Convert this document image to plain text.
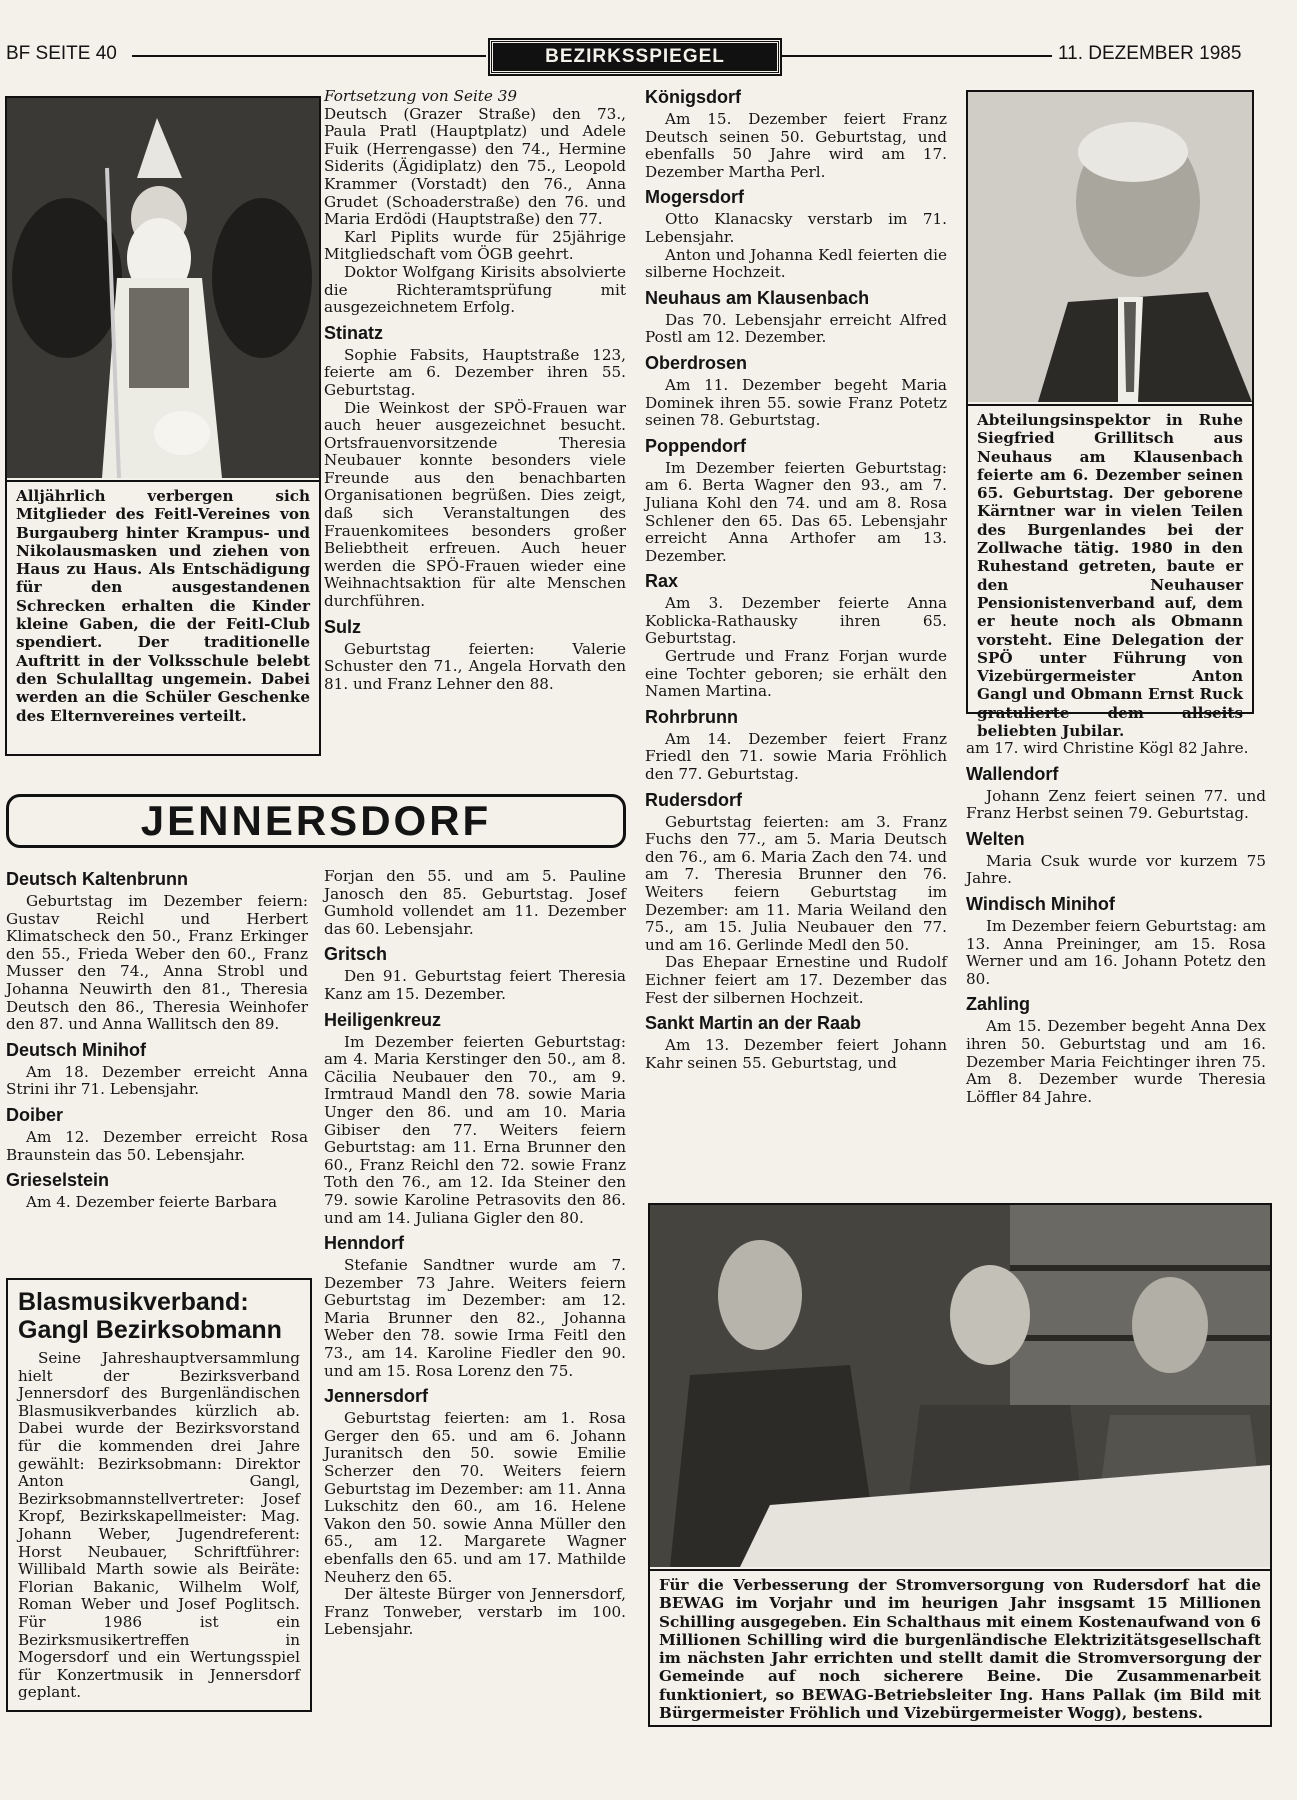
BF SEITE 40	BEZIRKSSPIEGEL	11. DEZEMBER 1985
Alljährlich verbergen sich Mitglieder des Feitl-Vereines von Burgauberg hinter Krampus- und Nikolausmasken und ziehen von Haus zu Haus. Als Entschädigung für den ausgestandenen Schrecken erhalten die Kinder kleine Gaben, die der Feitl-Club spendiert. Der traditionelle Auftritt in der Volksschule belebt den Schulalltag ungemein. Dabei werden an die Schüler Geschenke des Elternvereines verteilt.

Fortsetzung von Seite 39

Deutsch (Grazer Straße) den 73., Paula Pratl (Hauptplatz) und Adele Fuik (Herrengasse) den 74., Hermine Siderits (Ägidiplatz) den 75., Leopold Krammer (Vorstadt) den 76., Anna Grudet (Schoaderstraße) den 76. und Maria Erdödi (Hauptstraße) den 77.

Karl Piplits wurde für 25jährige Mitgliedschaft vom ÖGB geehrt.

Doktor Wolfgang Kirisits absolvierte die Richteramtsprüfung mit ausgezeichnetem Erfolg.

Stinatz

Sophie Fabsits, Hauptstraße 123, feierte am 6. Dezember ihren 55. Geburtstag.

Die Weinkost der SPÖ-Frauen war auch heuer ausgezeichnet besucht. Ortsfrauenvorsitzende Theresia Neubauer konnte besonders viele Freunde aus den benachbarten Organisationen begrüßen. Dies zeigt, daß sich Veranstaltungen des Frauenkomitees besonders großer Beliebtheit erfreuen. Auch heuer werden die SPÖ-Frauen wieder eine Weihnachtsaktion für alte Menschen durchführen.

Sulz

Geburtstag feierten: Valerie Schuster den 71., Angela Horvath den 81. und Franz Lehner den 88.

Königsdorf

Am 15. Dezember feiert Franz Deutsch seinen 50. Geburtstag, und ebenfalls 50 Jahre wird am 17. Dezember Martha Perl.

Mogersdorf

Otto Klanacsky verstarb im 71. Lebensjahr.

Anton und Johanna Kedl feierten die silberne Hochzeit.

Neuhaus am Klausenbach

Das 70. Lebensjahr erreicht Alfred Postl am 12. Dezember.

Oberdrosen

Am 11. Dezember begeht Maria Dominek ihren 55. sowie Franz Potetz seinen 78. Geburtstag.

Poppendorf

Im Dezember feierten Geburtstag: am 6. Berta Wagner den 93., am 7. Juliana Kohl den 74. und am 8. Rosa Schlener den 65. Das 65. Lebensjahr erreicht Anna Arthofer am 13. Dezember.

Rax

Am 3. Dezember feierte Anna Koblicka-Rathausky ihren 65. Geburtstag.

Gertrude und Franz Forjan wurde eine Tochter geboren; sie erhält den Namen Martina.

Rohrbrunn

Am 14. Dezember feiert Franz Friedl den 71. sowie Maria Fröhlich den 77. Geburtstag.

Rudersdorf

Geburtstag feierten: am 3. Franz Fuchs den 77., am 5. Maria Deutsch den 76., am 6. Maria Zach den 74. und am 7. Theresia Brunner den 76. Weiters feiern Geburtstag im Dezember: am 11. Maria Weiland den 75., am 15. Julia Neubauer den 77. und am 16. Gerlinde Medl den 50.

Das Ehepaar Ernestine und Rudolf Eichner feiert am 17. Dezember das Fest der silbernen Hochzeit.

Sankt Martin an der Raab

Am 13. Dezember feiert Johann Kahr seinen 55. Geburtstag, und

Abteilungsinspektor in Ruhe Siegfried Grillitsch aus Neuhaus am Klausenbach feierte am 6. Dezember seinen 65. Geburtstag. Der geborene Kärntner war in vielen Teilen des Burgenlandes bei der Zollwache tätig. 1980 in den Ruhestand getreten, baute er den Neuhauser Pensionistenverband auf, dem er heute noch als Obmann vorsteht. Eine Delegation der SPÖ unter Führung von Vizebürgermeister Anton Gangl und Obmann Ernst Ruck gratulierte dem allseits beliebten Jubilar.

am 17. wird Christine Kögl 82 Jahre.

Wallendorf

Johann Zenz feiert seinen 77. und Franz Herbst seinen 79. Geburtstag.

Welten

Maria Csuk wurde vor kurzem 75 Jahre.

Windisch Minihof

Im Dezember feiern Geburtstag: am 13. Anna Preininger, am 15. Rosa Werner und am 16. Johann Potetz den 80.

Zahling

Am 15. Dezember begeht Anna Dex ihren 50. Geburtstag und am 16. Dezember Maria Feichtinger ihren 75. Am 8. Dezember wurde Theresia Löffler 84 Jahre.

JENNERSDORF
Deutsch Kaltenbrunn

Geburtstag im Dezember feiern: Gustav Reichl und Herbert Klimatscheck den 50., Franz Erkinger den 55., Frieda Weber den 60., Franz Musser den 74., Anna Strobl und Johanna Neuwirth den 81., Theresia Deutsch den 86., Theresia Weinhofer den 87. und Anna Wallitsch den 89.

Deutsch Minihof

Am 18. Dezember erreicht Anna Strini ihr 71. Lebensjahr.

Doiber

Am 12. Dezember erreicht Rosa Braunstein das 50. Lebensjahr.

Grieselstein

Am 4. Dezember feierte Barbara

Blasmusikverband: Gangl Bezirksobmann

Seine Jahreshauptversammlung hielt der Bezirksverband Jennersdorf des Burgenländischen Blasmusikverbandes kürzlich ab. Dabei wurde der Bezirksvorstand für die kommenden drei Jahre gewählt: Bezirksobmann: Direktor Anton Gangl, Bezirksobmannstellvertreter: Josef Kropf, Bezirkskapellmeister: Mag. Johann Weber, Jugendreferent: Horst Neubauer, Schriftführer: Willibald Marth sowie als Beiräte: Florian Bakanic, Wilhelm Wolf, Roman Weber und Josef Poglitsch. Für 1986 ist ein Bezirksmusikertreffen in Mogersdorf und ein Wertungsspiel für Konzertmusik in Jennersdorf geplant.

Forjan den 55. und am 5. Pauline Janosch den 85. Geburtstag. Josef Gumhold vollendet am 11. Dezember das 60. Lebensjahr.

Gritsch

Den 91. Geburtstag feiert Theresia Kanz am 15. Dezember.

Heiligenkreuz

Im Dezember feierten Geburtstag: am 4. Maria Kerstinger den 50., am 8. Cäcilia Neubauer den 70., am 9. Irmtraud Mandl den 78. sowie Maria Unger den 86. und am 10. Maria Gibiser den 77. Weiters feiern Geburtstag: am 11. Erna Brunner den 60., Franz Reichl den 72. sowie Franz Toth den 76., am 12. Ida Steiner den 79. sowie Karoline Petrasovits den 86. und am 14. Juliana Gigler den 80.

Henndorf

Stefanie Sandtner wurde am 7. Dezember 73 Jahre. Weiters feiern Geburtstag im Dezember: am 12. Maria Brunner den 82., Johanna Weber den 78. sowie Irma Feitl den 73., am 14. Karoline Fiedler den 90. und am 15. Rosa Lorenz den 75.

Jennersdorf

Geburtstag feierten: am 1. Rosa Gerger den 65. und am 6. Johann Juranitsch den 50. sowie Emilie Scherzer den 70. Weiters feiern Geburtstag im Dezember: am 11. Anna Lukschitz den 60., am 16. Helene Vakon den 50. sowie Anna Müller den 65., am 12. Margarete Wagner ebenfalls den 65. und am 17. Mathilde Neuherz den 65.

Der älteste Bürger von Jennersdorf, Franz Tonweber, verstarb im 100. Lebensjahr.

Für die Verbesserung der Stromversorgung von Rudersdorf hat die BEWAG im Vorjahr und im heurigen Jahr insgsamt 15 Millionen Schilling ausgegeben. Ein Schalthaus mit einem Kostenaufwand von 6 Millionen Schilling wird die burgenländische Elektrizitätsgesellschaft im nächsten Jahr errichten und stellt damit die Stromversorgung der Gemeinde auf noch sicherere Beine. Die Zusammenarbeit funktioniert, so BEWAG-Betriebsleiter Ing. Hans Pallak (im Bild mit Bürgermeister Fröhlich und Vizebürgermeister Wogg), bestens.
